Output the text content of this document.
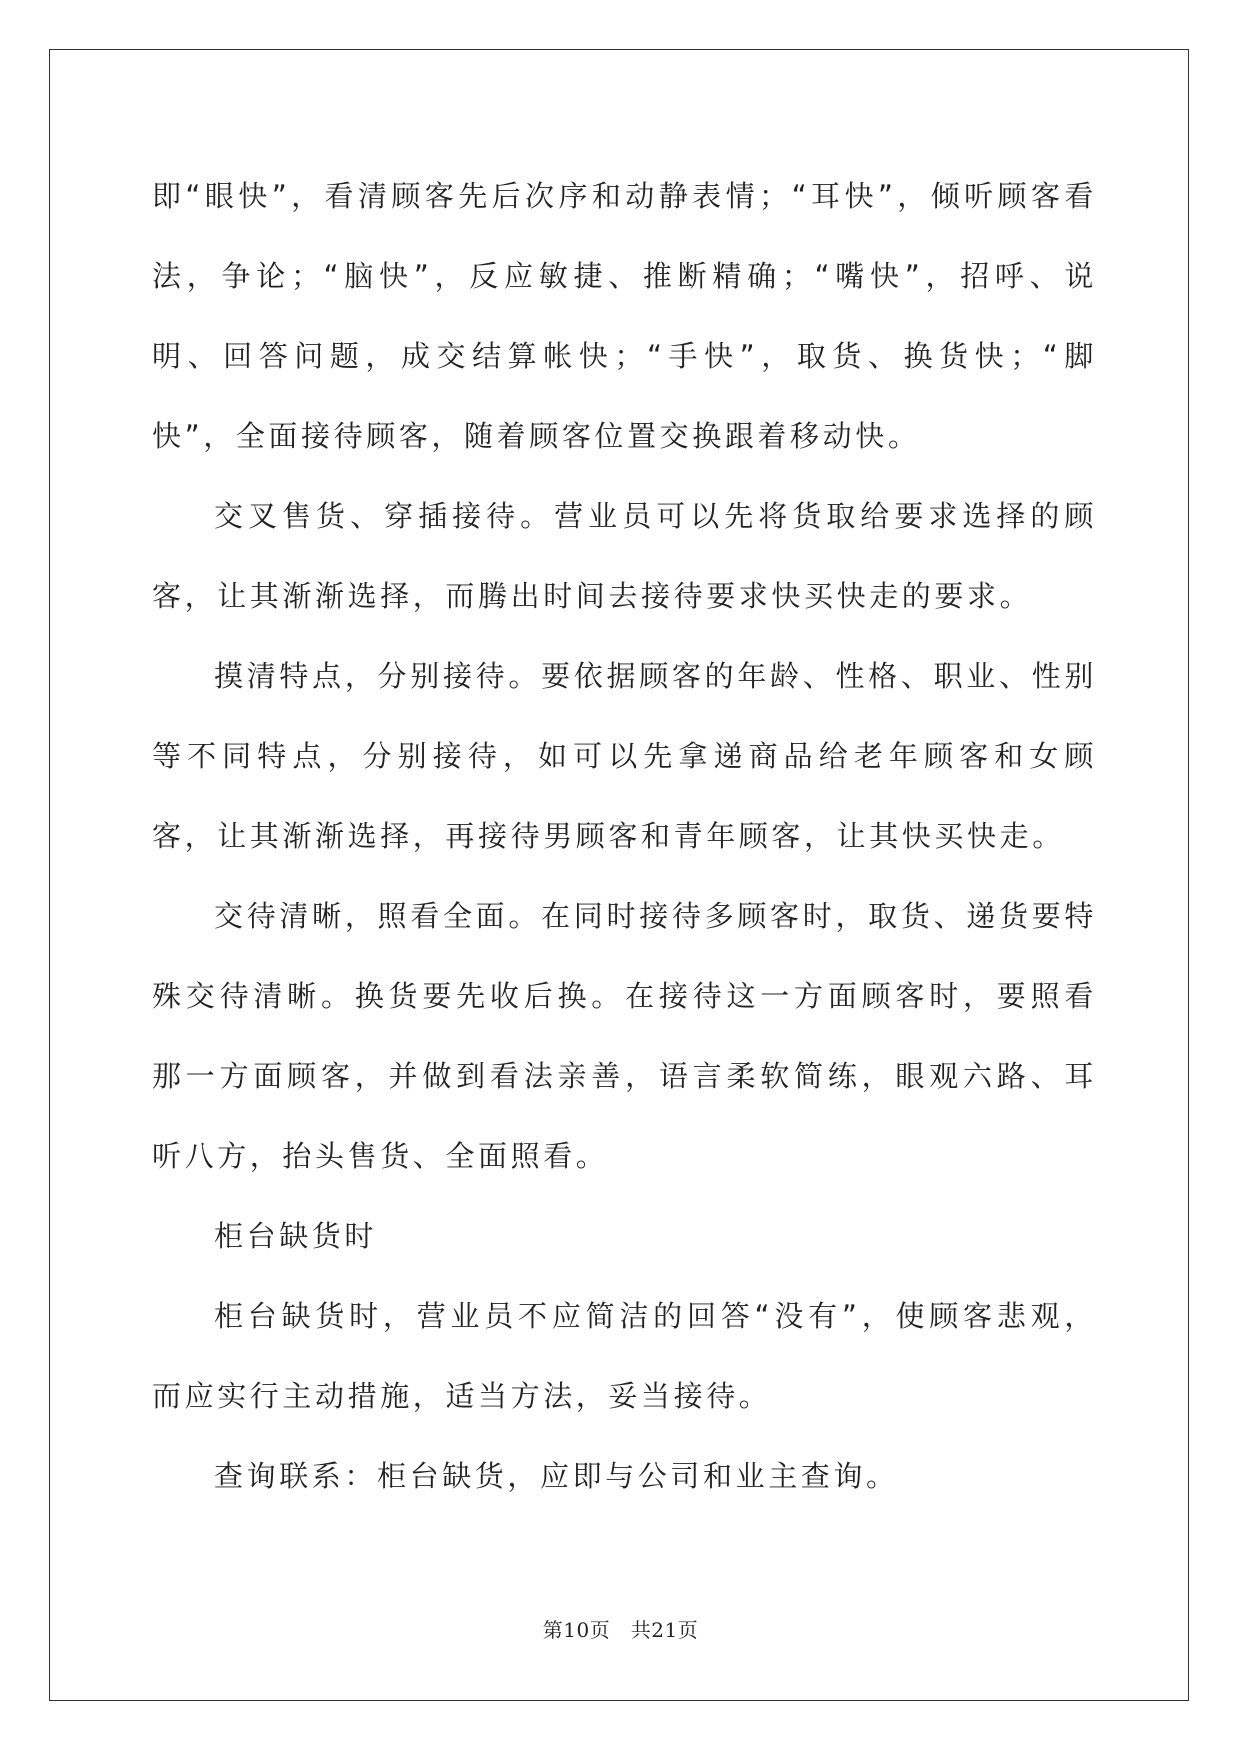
即“眼快”，看清顾客先后次序和动静表情；“耳快”，倾听顾客看法，争论；“脑快”，反应敏捷、推断精确；“嘴快”，招呼、说明、回答问题，成交结算帐快；“手快”，取货、换货快；“脚快”，全面接待顾客，随着顾客位置交换跟着移动快。

交叉售货、穿插接待。营业员可以先将货取给要求选择的顾客，让其渐渐选择，而腾出时间去接待要求快买快走的要求。

摸清特点，分别接待。要依据顾客的年龄、性格、职业、性别等不同特点，分别接待，如可以先拿递商品给老年顾客和女顾客，让其渐渐选择，再接待男顾客和青年顾客，让其快买快走。

交待清晰，照看全面。在同时接待多顾客时，取货、递货要特殊交待清晰。换货要先收后换。在接待这一方面顾客时，要照看那一方面顾客，并做到看法亲善，语言柔软简练，眼观六路、耳听八方，抬头售货、全面照看。

柜台缺货时

柜台缺货时，营业员不应简洁的回答“没有”，使顾客悲观，而应实行主动措施，适当方法，妥当接待。

查询联系：柜台缺货，应即与公司和业主查询。

第10页　共21页
